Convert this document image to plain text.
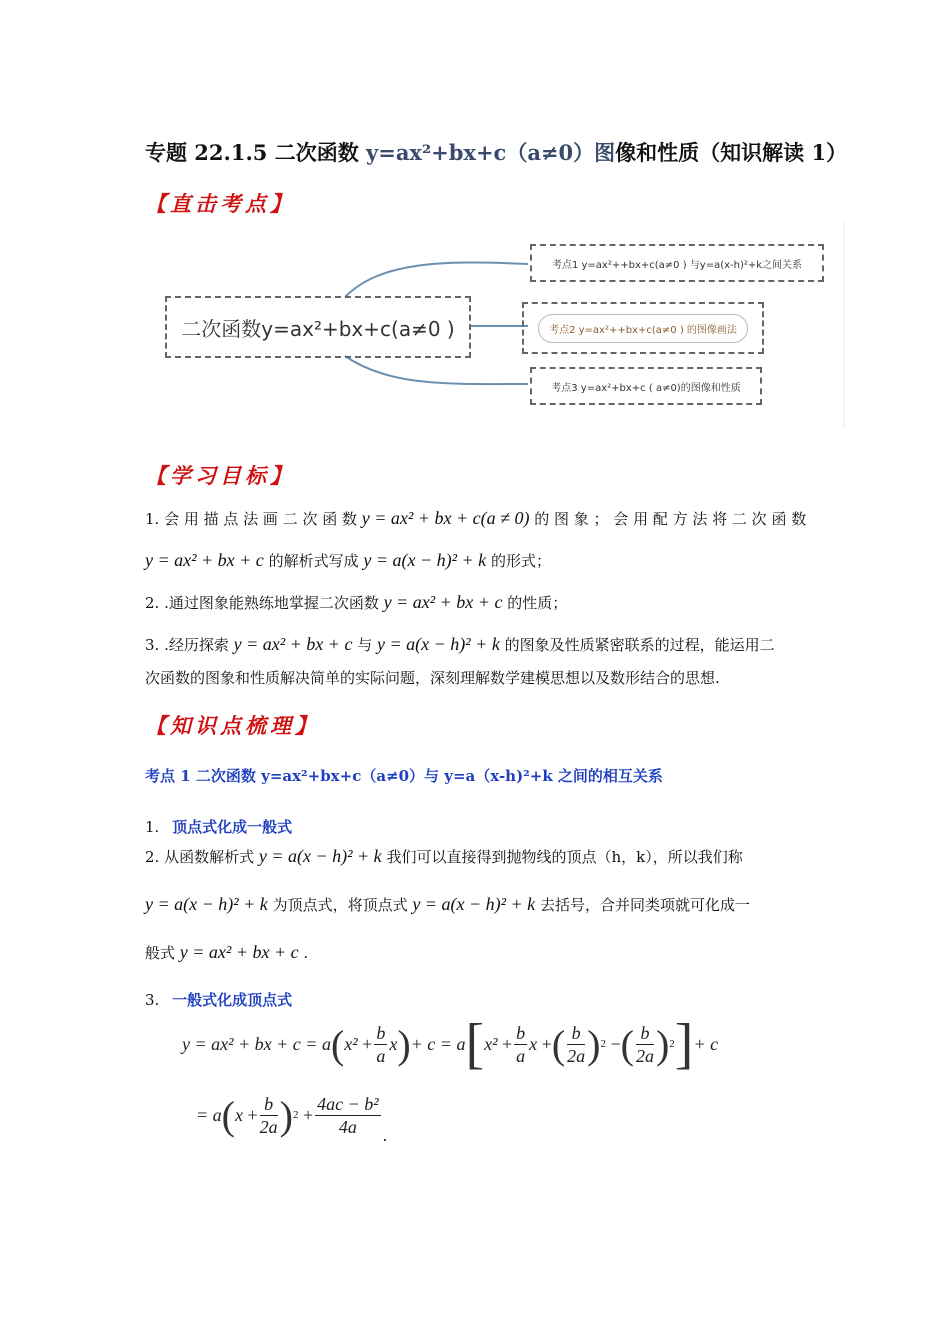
专题 22.1.5 二次函数 y=ax²+bx+c（a≠0）图像和性质（知识解读 1）
【直击考点】
二次函数y=ax²+bx+c(a≠0 )
考点1 y=ax²++bx+c(a≠0 ) 与y=a(x-h)²+k之间关系
考点2 y=ax²++bx+c(a≠0 ) 的图像画法
考点3 y=ax²+bx+c ( a≠0)的图像和性质
【学习目标】
1. 会 用 描 点 法 画 二 次 函 数 y = ax² + bx + c(a ≠ 0) 的 图 象 ； 会 用 配 方 法 将 二 次 函 数
y = ax² + bx + c 的解析式写成 y = a(x − h)² + k 的形式；
2. .通过图象能熟练地掌握二次函数 y = ax² + bx + c 的性质；
3. .经历探索 y = ax² + bx + c 与 y = a(x − h)² + k 的图象及性质紧密联系的过程，能运用二
次函数的图象和性质解决简单的实际问题，深刻理解数学建模思想以及数形结合的思想.
【知识点梳理】
考点 1 二次函数 y=ax²+bx+c（a≠0）与 y=a（x-h)²+k 之间的相互关系
1. 顶点式化成一般式
2. 从函数解析式 y = a(x − h)² + k 我们可以直接得到抛物线的顶点（h，k），所以我们称
y = a(x − h)² + k 为顶点式，将顶点式 y = a(x − h)² + k 去括号，合并同类项就可化成一
般式 y = ax² + bx + c .
3. 一般式化成顶点式
y = ax² + bx + c = a ( x²
+ $\frac{b}{a}$ x ) + c = a [ x²
+ $\frac{b}{a}$ x
+ ( $\frac{b}{2a}$ ) 2
− ( $\frac{b}{2a}$ ) 2 ] + c
= a ( x
+ $\frac{b}{2a}$ ) 2
+ $\frac{\text{4ac − b²}}{4a}$ .
